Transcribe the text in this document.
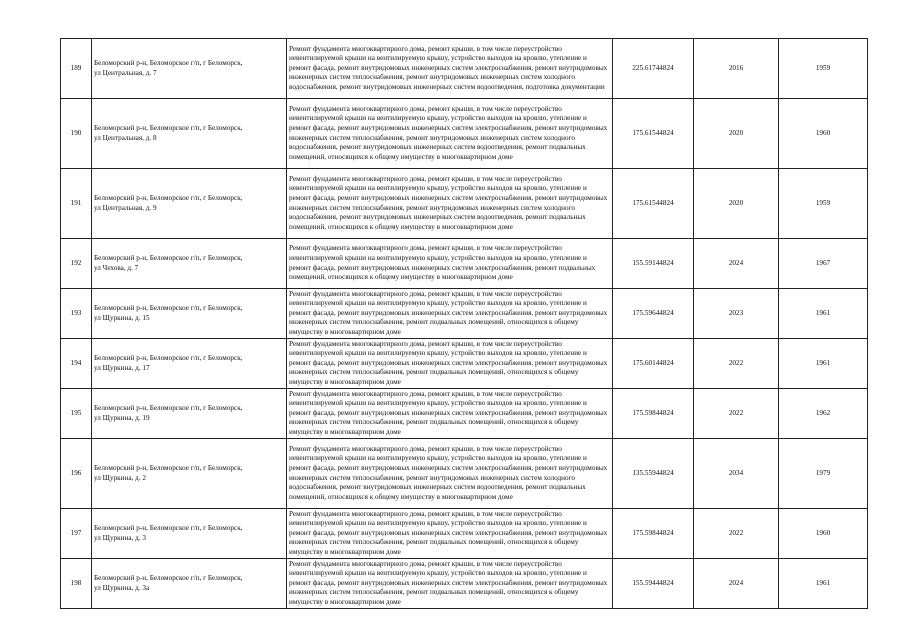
189	Беломорский р-н, Беломорское г/п, г Беломорск,
ул Центральная, д. 7	Ремонт фундамента многоквартирного дома, ремонт крыши, в том числе переустройство невентилируемой крыши на вентилируемую крышу, устройство выходов на кровлю, утепление и ремонт фасада, ремонт внутридомовых инженерных систем электроснабжения, ремонт внутридомовых инженерных систем теплоснабжения, ремонт внутридомовых инженерных систем холодного водоснабжения, ремонт внутридомовых инженерных систем водоотведения, подготовка документации	225.61744824	2016	1959
190	Беломорский р-н, Беломорское г/п, г Беломорск,
ул Центральная, д. 8	Ремонт фундамента многоквартирного дома, ремонт крыши, в том числе переустройство невентилируемой крыши на вентилируемую крышу, устройство выходов на кровлю, утепление и ремонт фасада, ремонт внутридомовых инженерных систем электроснабжения, ремонт внутридомовых инженерных систем теплоснабжения, ремонт внутридомовых инженерных систем холодного водоснабжения, ремонт внутридомовых инженерных систем водоотведения, ремонт подвальных помещений, относящихся к общему имуществу в многоквартирном доме	175.61544824	2020	1960
191	Беломорский р-н, Беломорское г/п, г Беломорск,
ул Центральная, д. 9	Ремонт фундамента многоквартирного дома, ремонт крыши, в том числе переустройство невентилируемой крыши на вентилируемую крышу, устройство выходов на кровлю, утепление и ремонт фасада, ремонт внутридомовых инженерных систем электроснабжения, ремонт внутридомовых инженерных систем теплоснабжения, ремонт внутридомовых инженерных систем холодного водоснабжения, ремонт внутридомовых инженерных систем водоотведения, ремонт подвальных помещений, относящихся к общему имуществу в многоквартирном доме	175.61544824	2020	1959
192	Беломорский р-н, Беломорское г/п, г Беломорск,
ул Чехова, д. 7	Ремонт фундамента многоквартирного дома, ремонт крыши, в том числе переустройство невентилируемой крыши на вентилируемую крышу, устройство выходов на кровлю, утепление и ремонт фасада, ремонт внутридомовых инженерных систем электроснабжения, ремонт подвальных помещений, относящихся к общему имуществу в многоквартирном доме	155.59144824	2024	1967
193	Беломорский р-н, Беломорское г/п, г Беломорск,
ул Щуркина, д. 15	Ремонт фундамента многоквартирного дома, ремонт крыши, в том числе переустройство невентилируемой крыши на вентилируемую крышу, устройство выходов на кровлю, утепление и ремонт фасада, ремонт внутридомовых инженерных систем электроснабжения, ремонт внутридомовых инженерных систем теплоснабжения, ремонт подвальных помещений, относящихся к общему имуществу в многоквартирном доме	175.59644824	2023	1961
194	Беломорский р-н, Беломорское г/п, г Беломорск,
ул Щуркина, д. 17	Ремонт фундамента многоквартирного дома, ремонт крыши, в том числе переустройство невентилируемой крыши на вентилируемую крышу, устройство выходов на кровлю, утепление и ремонт фасада, ремонт внутридомовых инженерных систем электроснабжения, ремонт внутридомовых инженерных систем теплоснабжения, ремонт подвальных помещений, относящихся к общему имуществу в многоквартирном доме	175.60144824	2022	1961
195	Беломорский р-н, Беломорское г/п, г Беломорск,
ул Щуркина, д. 19	Ремонт фундамента многоквартирного дома, ремонт крыши, в том числе переустройство невентилируемой крыши на вентилируемую крышу, устройство выходов на кровлю, утепление и ремонт фасада, ремонт внутридомовых инженерных систем электроснабжения, ремонт внутридомовых инженерных систем теплоснабжения, ремонт подвальных помещений, относящихся к общему имуществу в многоквартирном доме	175.59844824	2022	1962
196	Беломорский р-н, Беломорское г/п, г Беломорск,
ул Щуркина, д. 2	Ремонт фундамента многоквартирного дома, ремонт крыши, в том числе переустройство невентилируемой крыши на вентилируемую крышу, устройство выходов на кровлю, утепление и ремонт фасада, ремонт внутридомовых инженерных систем электроснабжения, ремонт внутридомовых инженерных систем теплоснабжения, ремонт внутридомовых инженерных систем холодного водоснабжения, ремонт внутридомовых инженерных систем водоотведения, ремонт подвальных помещений, относящихся к общему имуществу в многоквартирном доме	135.55944824	2034	1979
197	Беломорский р-н, Беломорское г/п, г Беломорск,
ул Щуркина, д. 3	Ремонт фундамента многоквартирного дома, ремонт крыши, в том числе переустройство невентилируемой крыши на вентилируемую крышу, устройство выходов на кровлю, утепление и ремонт фасада, ремонт внутридомовых инженерных систем электроснабжения, ремонт внутридомовых инженерных систем теплоснабжения, ремонт подвальных помещений, относящихся к общему имуществу в многоквартирном доме	175.59844824	2022	1960
198	Беломорский р-н, Беломорское г/п, г Беломорск,
ул Щуркина, д. 3а	Ремонт фундамента многоквартирного дома, ремонт крыши, в том числе переустройство невентилируемой крыши на вентилируемую крышу, устройство выходов на кровлю, утепление и ремонт фасада, ремонт внутридомовых инженерных систем электроснабжения, ремонт внутридомовых инженерных систем теплоснабжения, ремонт подвальных помещений, относящихся к общему имуществу в многоквартирном доме	155.59444824	2024	1961
